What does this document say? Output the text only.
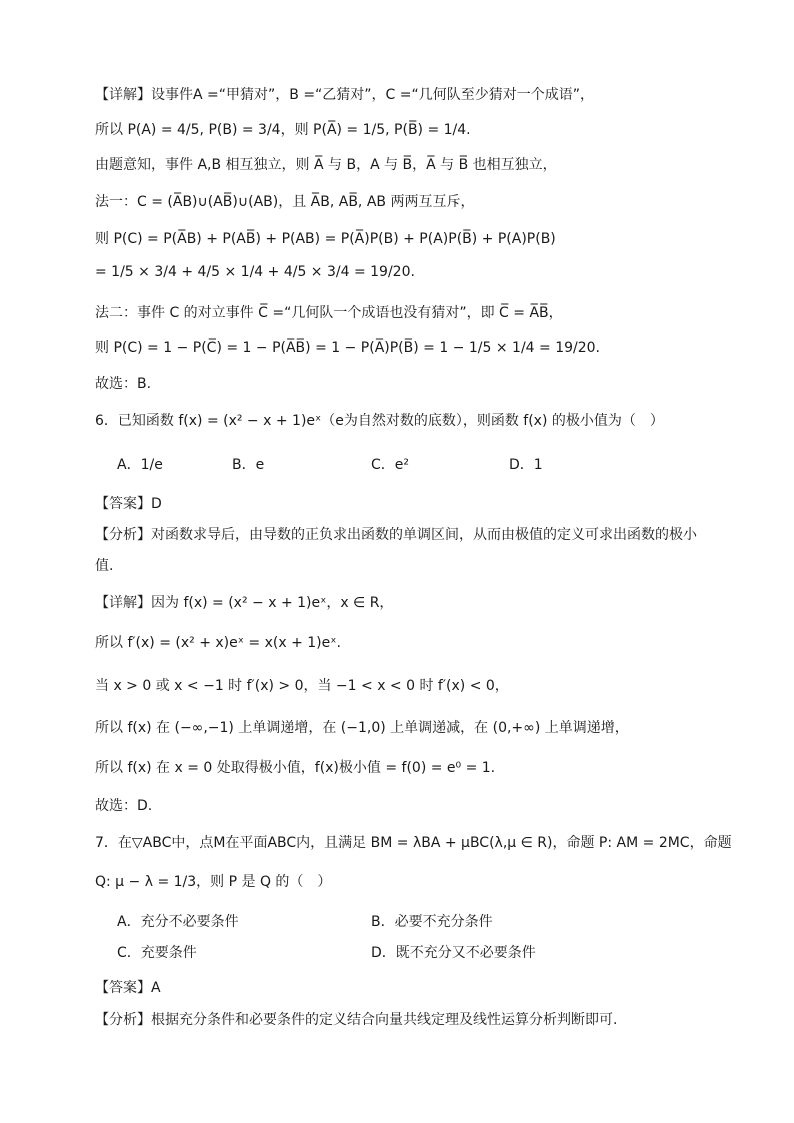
【详解】设事件A =“甲猜对”，B =“乙猜对”，C =“几何队至少猜对一个成语”，
所以 P(A) = 4/5, P(B) = 3/4，则 P(A̅) = 1/5, P(B̅) = 1/4.
由题意知，事件 A,B 相互独立，则 A̅ 与 B，A 与 B̅，A̅ 与 B̅ 也相互独立，
法一：C = (A̅B)∪(AB̅)∪(AB)，且 A̅B, AB̅, AB 两两互互斥，
则 P(C) = P(A̅B) + P(AB̅) + P(AB) = P(A̅)P(B) + P(A)P(B̅) + P(A)P(B)
= 1/5 × 3/4 + 4/5 × 1/4 + 4/5 × 3/4 = 19/20.
法二：事件 C 的对立事件 C̅ =“几何队一个成语也没有猜对”，即 C̅ = A̅B̅，
则 P(C) = 1 − P(C̅) = 1 − P(A̅B̅) = 1 − P(A̅)P(B̅) = 1 − 1/5 × 1/4 = 19/20.
故选：B.
6．已知函数 f(x) = (x² − x + 1)eˣ（e为自然对数的底数），则函数 f(x) 的极小值为（　）
A．1/e	B．e	C．e²	D．1
【答案】D
【分析】对函数求导后，由导数的正负求出函数的单调区间，从而由极值的定义可求出函数的极小
值.
【详解】因为 f(x) = (x² − x + 1)eˣ，x ∈ R，
所以 f′(x) = (x² + x)eˣ = x(x + 1)eˣ.
当 x > 0 或 x < −1 时 f′(x) > 0，当 −1 < x < 0 时 f′(x) < 0，
所以 f(x) 在 (−∞,−1) 上单调递增，在 (−1,0) 上单调递减，在 (0,+∞) 上单调递增，
所以 f(x) 在 x = 0 处取得极小值，f(x)极小值 = f(0) = e⁰ = 1.
故选：D.
7．在▽ABC中，点M在平面ABC内，且满足 BM = λBA + μBC(λ,μ ∈ R)，命题 P: AM = 2MC，命题
Q: μ − λ = 1/3，则 P 是 Q 的（　）
A．充分不必要条件	B．必要不充分条件
C．充要条件	D．既不充分又不必要条件
【答案】A
【分析】根据充分条件和必要条件的定义结合向量共线定理及线性运算分析判断即可.
